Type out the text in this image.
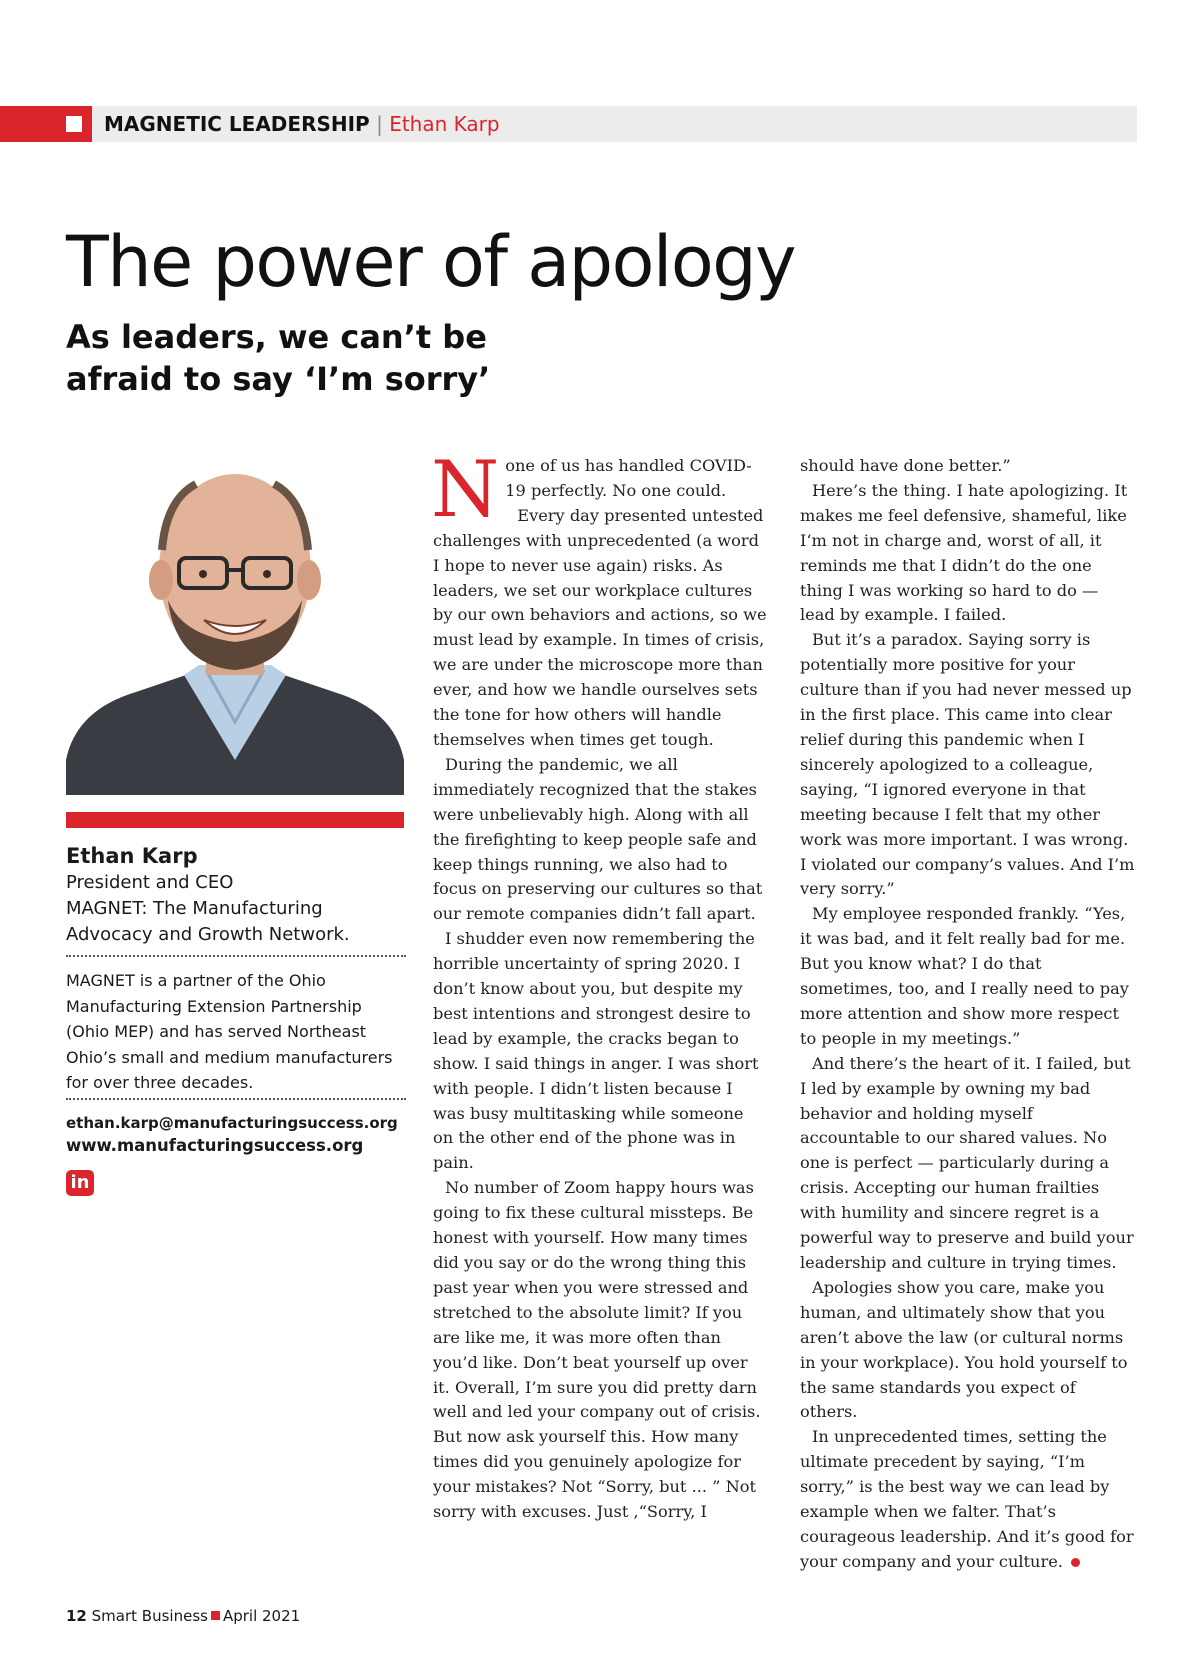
MAGNETIC LEADERSHIP | Ethan Karp
The power of apology
As leaders, we can’t be afraid to say ‘I’m sorry’
Ethan Karp
President and CEO
MAGNET: The Manufacturing
Advocacy and Growth Network.
MAGNET is a partner of the Ohio Manufacturing Extension Partnership (Ohio MEP) and has served Northeast Ohio’s small and medium manufacturers for over three decades.
ethan.karp@manufacturingsuccess.org
www.manufacturingsuccess.org
in

None of us has handled COVID-19 perfectly. No one could.

Every day presented untested challenges with unprecedented (a word I hope to never use again) risks. As leaders, we set our workplace cultures by our own behaviors and actions, so we must lead by example. In times of crisis, we are under the microscope more than ever, and how we handle ourselves sets the tone for how others will handle themselves when times get tough.

During the pandemic, we all immediately recognized that the stakes were unbelievably high. Along with all the firefighting to keep people safe and keep things running, we also had to focus on preserving our cultures so that our remote companies didn’t fall apart.

I shudder even now remembering the horrible uncertainty of spring 2020. I don’t know about you, but despite my best intentions and strongest desire to lead by example, the cracks began to show. I said things in anger. I was short with people. I didn’t listen because I was busy multitasking while someone on the other end of the phone was in pain.

No number of Zoom happy hours was going to fix these cultural missteps. Be honest with yourself. How many times did you say or do the wrong thing this past year when you were stressed and stretched to the absolute limit? If you are like me, it was more often than you’d like. Don’t beat yourself up over it. Overall, I’m sure you did pretty darn well and led your company out of crisis. But now ask yourself this. How many times did you genuinely apologize for your mistakes? Not “Sorry, but ... ” Not sorry with excuses. Just ,“Sorry, I

should have done better.”

Here’s the thing. I hate apologizing. It makes me feel defensive, shameful, like I‘m not in charge and, worst of all, it reminds me that I didn’t do the one thing I was working so hard to do — lead by example. I failed.

But it’s a paradox. Saying sorry is potentially more positive for your culture than if you had never messed up in the first place. This came into clear relief during this pandemic when I sincerely apologized to a colleague, saying, “I ignored everyone in that meeting because I felt that my other work was more important. I was wrong. I violated our company’s values. And I’m very sorry.”

My employee responded frankly. “Yes, it was bad, and it felt really bad for me. But you know what? I do that sometimes, too, and I really need to pay more attention and show more respect to people in my meetings.”

And there’s the heart of it. I failed, but I led by example by owning my bad behavior and holding myself accountable to our shared values. No one is perfect — particularly during a crisis. Accepting our human frailties with humility and sincere regret is a powerful way to preserve and build your leadership and culture in trying times.

Apologies show you care, make you human, and ultimately show that you aren’t above the law (or cultural norms in your workplace). You hold yourself to the same standards you expect of others.

In unprecedented times, setting the ultimate precedent by saying, “I’m sorry,” is the best way we can lead by example when we falter. That’s courageous leadership. And it’s good for your company and your culture.

12 Smart Business April 2021
